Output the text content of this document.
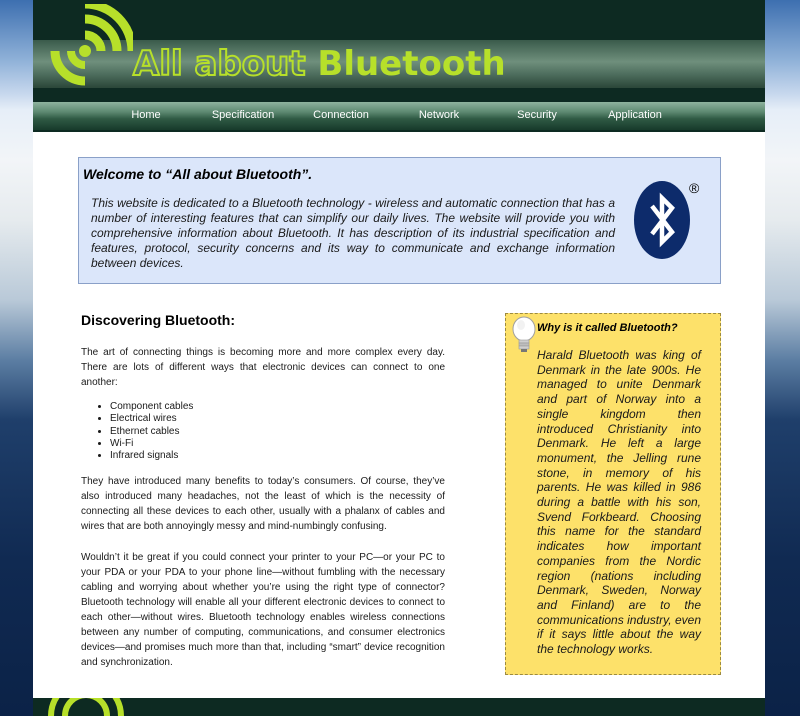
All about Bluetooth
Home	Specification	Connection	Network	Security	Application
Welcome to “All about Bluetooth”.
This website is dedicated to a Bluetooth technology - wireless and automatic connection that has a number of interesting features that can simplify our daily lives. The website will provide you with comprehensive information about Bluetooth. It has description of its industrial specification and features, protocol, security concerns and its way to communicate and exchange information between devices.
®
Discovering Bluetooth:

The art of connecting things is becoming more and more complex every day. There are lots of different ways that electronic devices can connect to one another:

• Component cables
• Electrical wires
• Ethernet cables
• Wi-Fi
• Infrared signals

They have introduced many benefits to today’s consumers. Of course, they’ve also introduced many headaches, not the least of which is the necessity of connecting all these devices to each other, usually with a phalanx of cables and wires that are both annoyingly messy and mind-numbingly confusing.

Wouldn’t it be great if you could connect your printer to your PC—or your PC to your PDA or your PDA to your phone line—without fumbling with the necessary cabling and worrying about whether you’re using the right type of connector? Bluetooth technology will enable all your different electronic devices to connect to each other—without wires. Bluetooth technology enables wireless connections between any number of computing, communications, and consumer electronics devices—and promises much more than that, including “smart” device recognition and synchronization.

Why is it called Bluetooth?
Harald Bluetooth was king of Denmark in the late 900s. He managed to unite Denmark and part of Norway into a single kingdom then introduced Christianity into Denmark. He left a large monument, the Jelling rune stone, in memory of his parents. He was killed in 986 during a battle with his son, Svend Forkbeard. Choosing this name for the standard indicates how important companies from the Nordic region (nations including Denmark, Sweden, Norway and Finland) are to the communications industry, even if it says little about the way the technology works.
